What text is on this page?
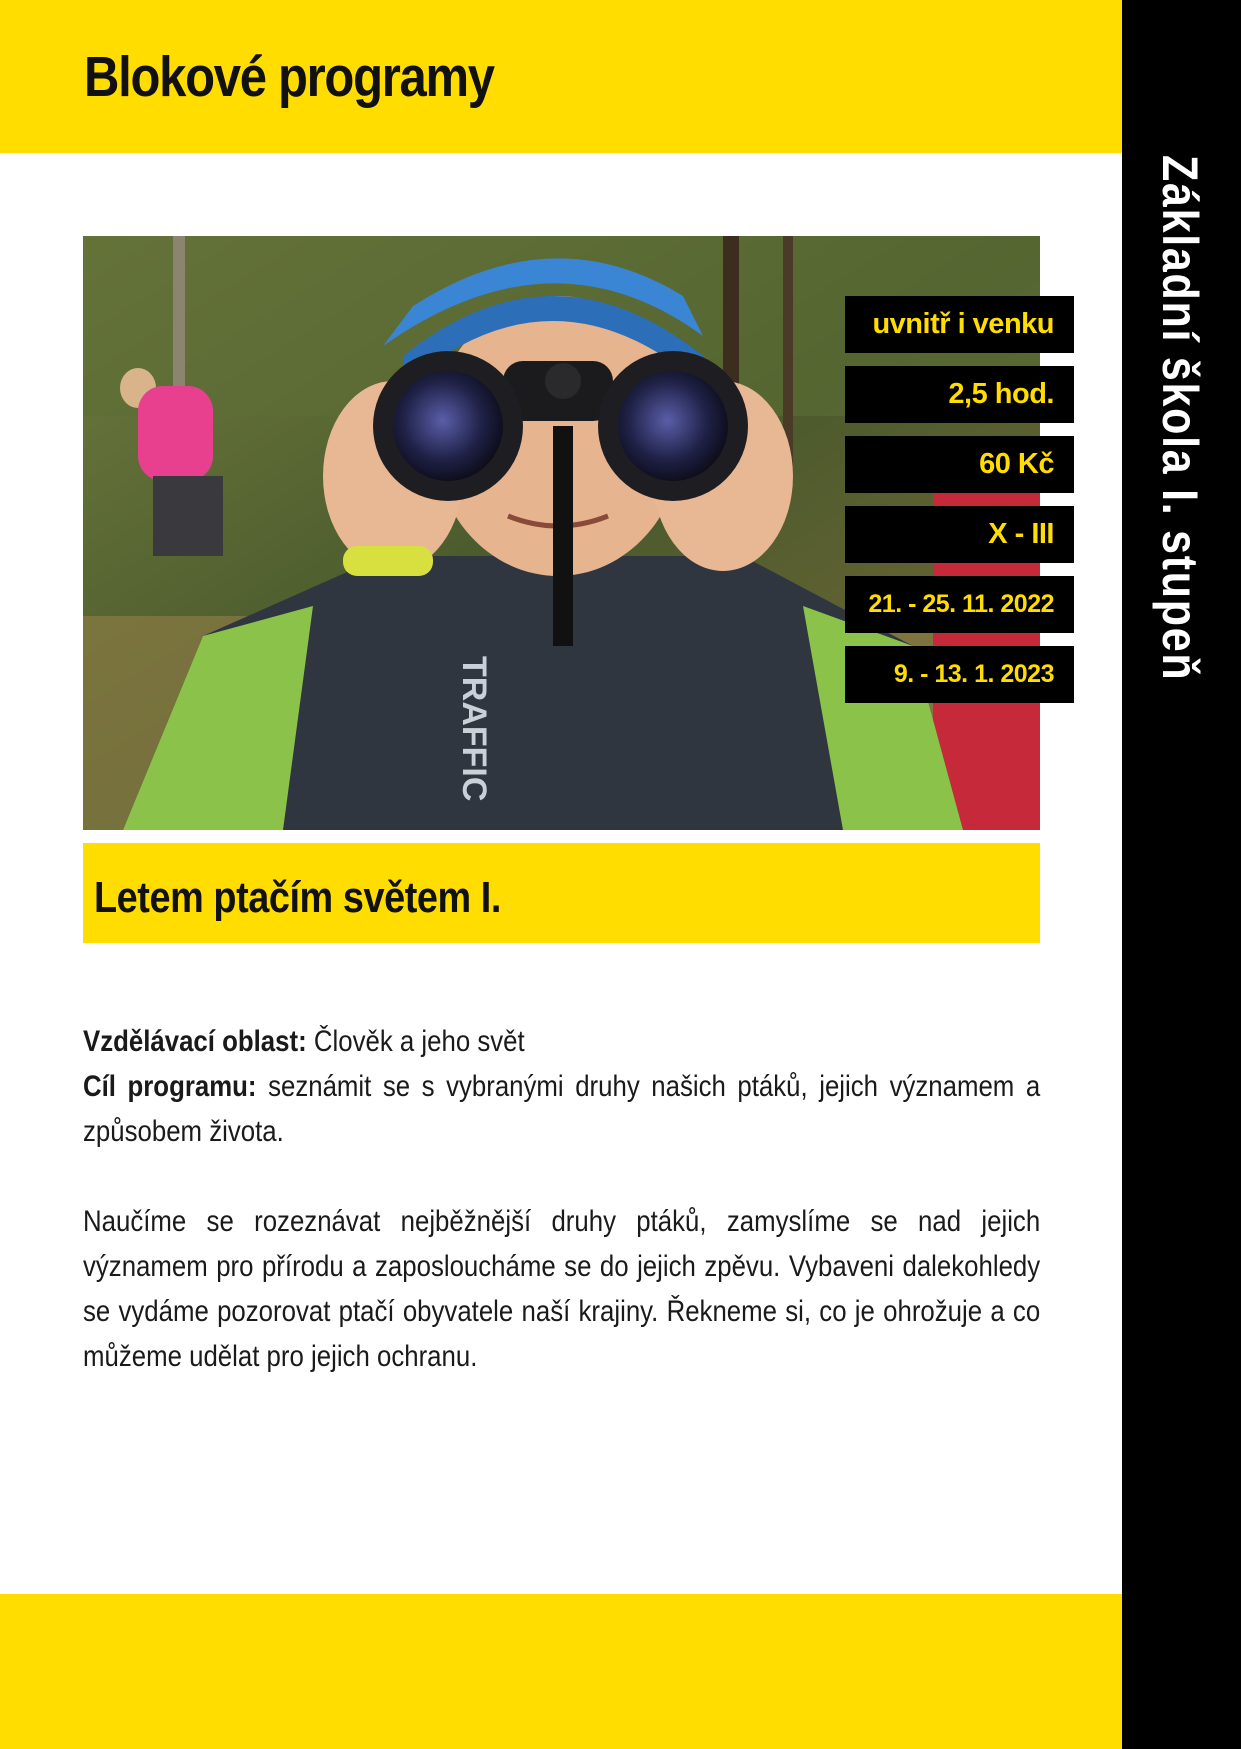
Blokové programy
Základní škola I. stupeň
TRAFFIC
uvnitř i venku
2,5 hod.
60 Kč
X - III
21. - 25. 11. 2022
9. - 13. 1. 2023
Letem ptačím světem I.
Vzdělávací oblast: Člověk a jeho svět
Cíl programu: seznámit se s vybranými druhy našich ptáků, jejich významem a způsobem života.
Naučíme se rozeznávat nejběžnější druhy ptáků, zamyslíme se nad jejich významem pro přírodu a zaposloucháme se do jejich zpěvu. Vybaveni dalekohledy se vydáme pozorovat ptačí obyvatele naší krajiny. Řekneme si, co je ohrožuje a co můžeme udělat pro jejich ochranu.
